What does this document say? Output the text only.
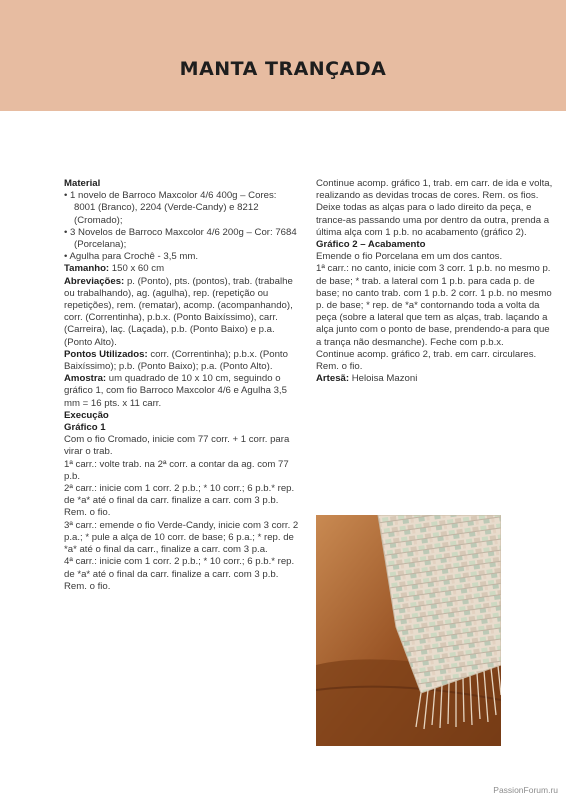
MANTA TRANÇADA

Material

• 1 novelo de Barroco Maxcolor 4/6 400g – Cores: 8001 (Branco), 2204 (Verde-Candy) e 8212 (Cromado);
• 3 Novelos de Barroco Maxcolor 4/6 200g – Cor: 7684 (Porcelana);
• Agulha para Crochê - 3,5 mm.

Tamanho: 150 x 60 cm

Abreviações: p. (Ponto), pts. (pontos), trab. (trabalhe ou trabalhando), ag. (agulha), rep. (repetição ou repetições), rem. (rematar), acomp. (acompanhando), corr. (Correntinha), p.b.x. (Ponto Baixíssimo), carr. (Carreira), laç. (Laçada), p.b. (Ponto Baixo) e p.a. (Ponto Alto).

Pontos Utilizados: corr. (Correntinha); p.b.x. (Ponto Baixíssimo); p.b. (Ponto Baixo); p.a. (Ponto Alto).

Amostra: um quadrado de 10 x 10 cm, seguindo o gráfico 1, com fio Barroco Maxcolor 4/6 e Agulha 3,5 mm = 16 pts. x 11 carr.

Execução

Gráfico 1

Com o fio Cromado, inicie com 77 corr. + 1 corr. para virar o trab.

1ª carr.: volte trab. na 2ª corr. a contar da ag. com 77 p.b.

2ª carr.: inicie com 1 corr. 2 p.b.; * 10 corr.; 6 p.b.* rep. de *a* até o final da carr. finalize a carr. com 3 p.b. Rem. o fio.

3ª carr.: emende o fio Verde-Candy, inicie com 3 corr. 2 p.a.; * pule a alça de 10 corr. de base; 6 p.a.; * rep. de *a* até o final da carr., finalize a carr. com 3 p.a.

4ª carr.: inicie com 1 corr. 2 p.b.; * 10 corr.; 6 p.b.* rep. de *a* até o final da carr. finalize a carr. com 3 p.b. Rem. o fio.

Continue acomp. gráfico 1, trab. em carr. de ida e volta, realizando as devidas trocas de cores. Rem. os fios.

Deixe todas as alças para o lado direito da peça, e trance-as passando uma por dentro da outra, prenda a última alça com 1 p.b. no acabamento (gráfico 2).

Gráfico 2 – Acabamento

Emende o fio Porcelana em um dos cantos.

1ª carr.: no canto, inicie com 3 corr. 1 p.b. no mesmo p. de base; * trab. a lateral com 1 p.b. para cada p. de base; no canto trab. com 1 p.b. 2 corr. 1 p.b. no mesmo p. de base; * rep. de *a* contornando toda a volta da peça (sobre a lateral que tem as alças, trab. laçando a alça junto com o ponto de base, prendendo-a para que a trança não desmanche). Feche com p.b.x.

Continue acomp. gráfico 2, trab. em carr. circulares. Rem. o fio.

Artesã: Heloisa Mazoni

PassionForum.ru
